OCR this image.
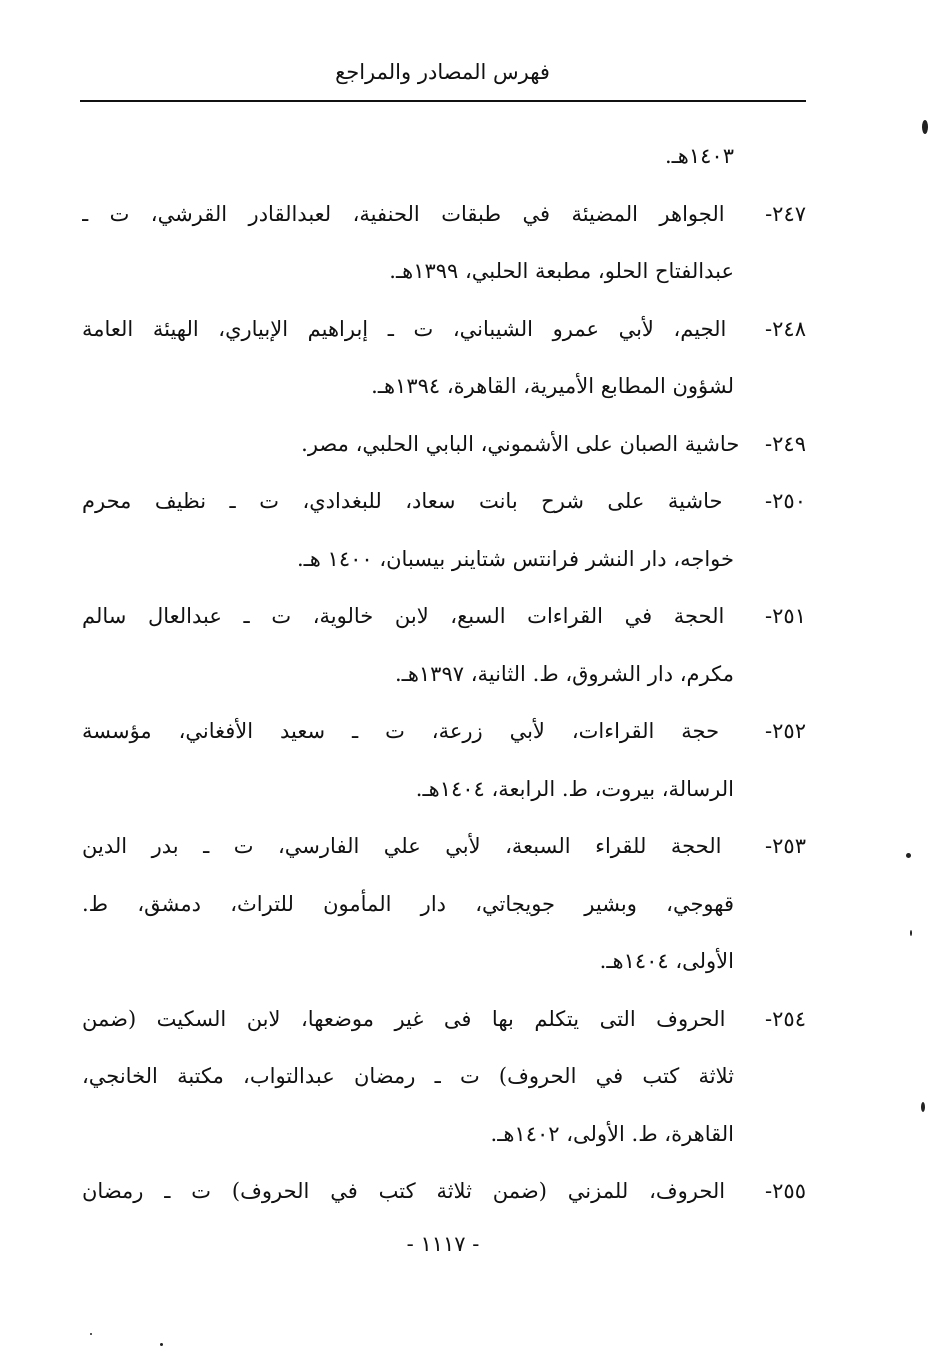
فهرس المصادر والمراجع
١٤٠٣هـ.
٢٤٧- الجواهر المضيئة في طبقات الحنفية، لعبدالقادر القرشي، ت ـ
عبدالفتاح الحلو، مطبعة الحلبي، ١٣٩٩هـ.
٢٤٨- الجيم، لأبي عمرو الشيباني، ت ـ إبراهيم الإبياري، الهيئة العامة
لشؤون المطابع الأميرية، القاهرة، ١٣٩٤هـ.
٢٤٩- حاشية الصبان على الأشموني، البابي الحلبي، مصر.
٢٥٠- حاشية على شرح بانت سعاد، للبغدادي، ت ـ نظيف محرم
خواجه، دار النشر فرانتس شتاينر بيسبان، ١٤٠٠ هـ.
٢٥١- الحجة في القراءات السبع، لابن خالوية، ت ـ عبدالعال سالم
مكرم، دار الشروق، ط. الثانية، ١٣٩٧هـ.
٢٥٢- حجة القراءات، لأبي زرعة، ت ـ سعيد الأفغاني، مؤسسة
الرسالة، بيروت، ط. الرابعة، ١٤٠٤هـ.
٢٥٣- الحجة للقراء السبعة، لأبي علي الفارسي، ت ـ بدر الدين
قهوجي، وبشير جويجاتي، دار المأمون للتراث، دمشق، ط.
الأولى، ١٤٠٤هـ.
٢٥٤- الحروف التى يتكلم بها فى غير موضعها، لابن السكيت (ضمن
ثلاثة كتب في الحروف) ت ـ رمضان عبدالتواب، مكتبة الخانجي،
القاهرة، ط. الأولى، ١٤٠٢هـ.
٢٥٥- الحروف، للمزني (ضمن ثلاثة كتب في الحروف) ت ـ رمضان
- ١١١٧ -
